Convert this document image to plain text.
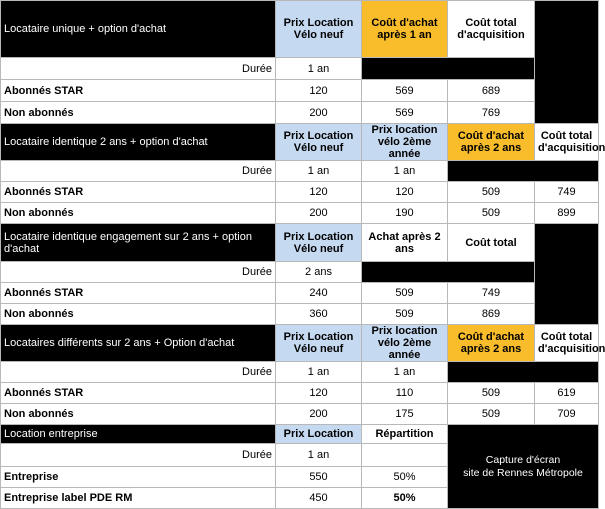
Locataire unique + option d'achat	Prix Location Vélo neuf	Coût d'achat après 1 an	Coût total d'acquisition	
Durée	1 an			
Abonnés STAR	120	569	689	
Non abonnés	200	569	769	
Locataire identique 2 ans + option d'achat	Prix Location Vélo neuf	Prix location vélo 2ème année	Coût d'achat après 2 ans	Coût total d'acquisition
Durée	1 an	1 an		
Abonnés STAR	120	120	509	749
Non abonnés	200	190	509	899
Locataire identique engagement sur 2 ans + option d'achat	Prix Location Vélo neuf	Achat après 2 ans	Coût total	
Durée	2 ans			
Abonnés STAR	240	509	749	
Non abonnés	360	509	869	
Locataires différents sur 2 ans + Option d'achat	Prix Location Vélo neuf	Prix location vélo 2ème année	Coût d'achat après 2 ans	Coût total d'acquisition
Durée	1 an	1 an		
Abonnés STAR	120	110	509	619
Non abonnés	200	175	509	709
Location entreprise	Prix Location	Répartition	Capture d'écran
site de Rennes Métropole	
Durée	1 an			
Entreprise	550	50%		
Entreprise label PDE RM	450	50%		
